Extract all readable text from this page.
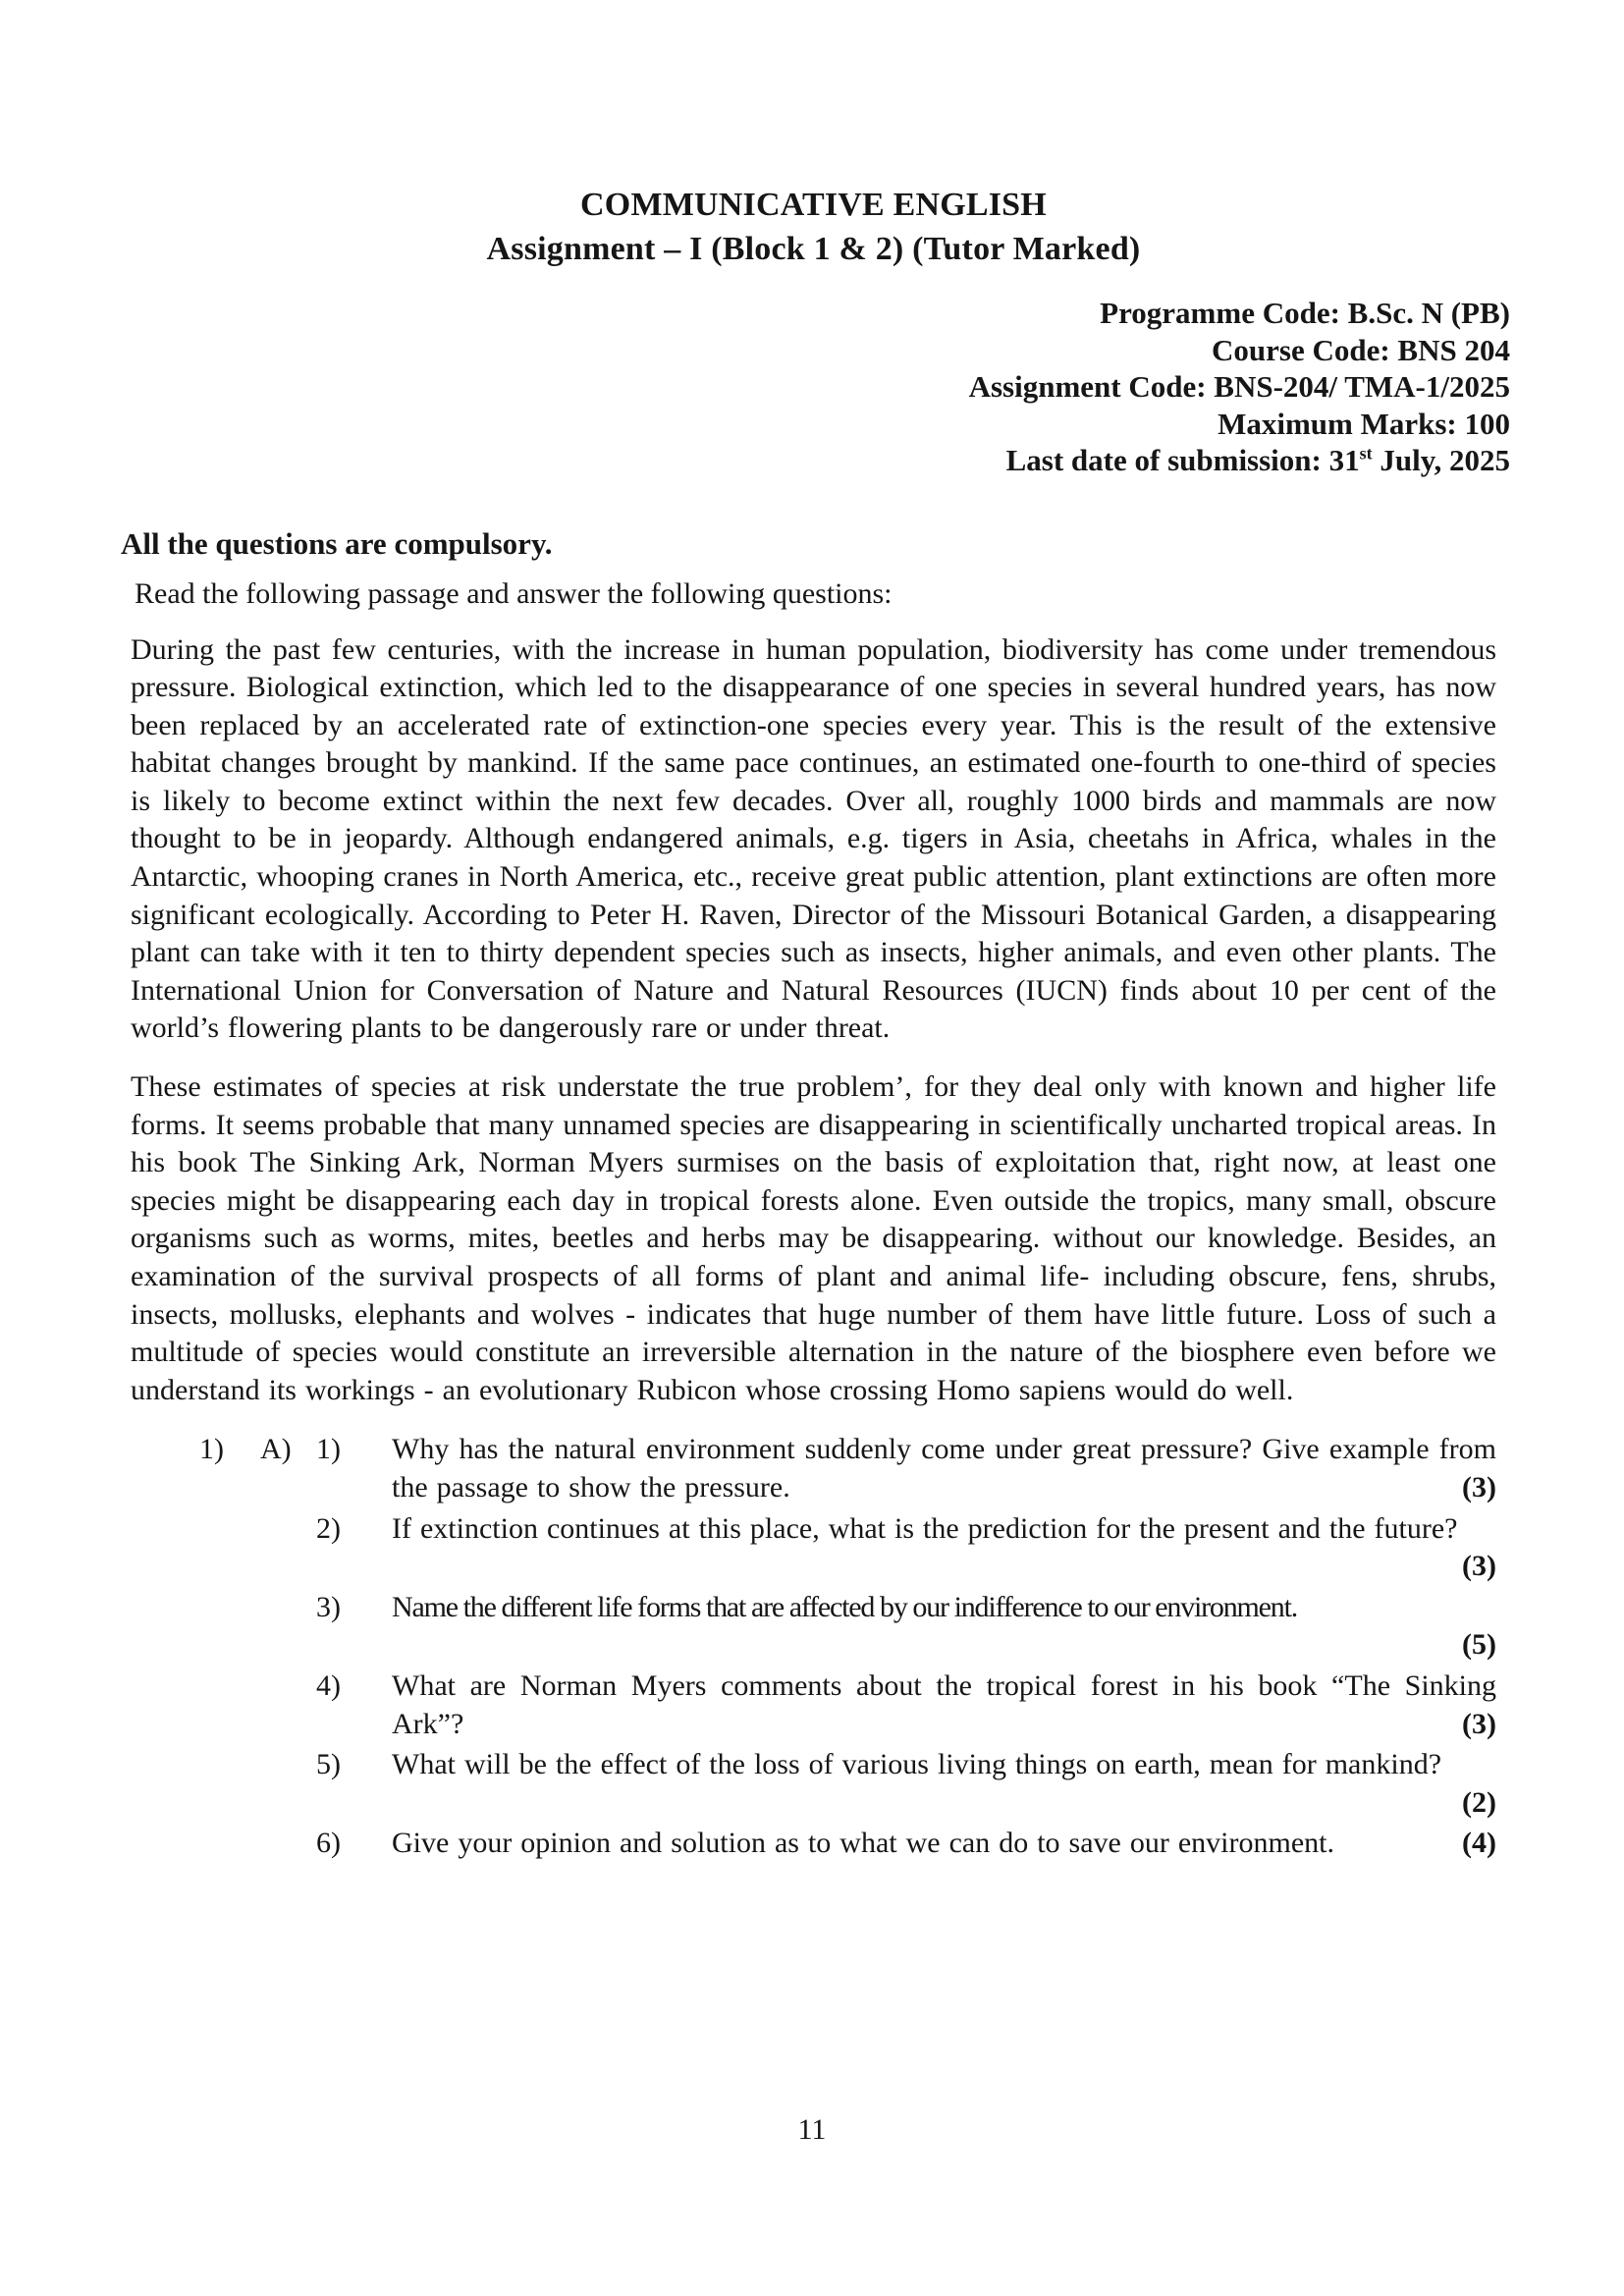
COMMUNICATIVE ENGLISH
Assignment – I (Block 1 & 2) (Tutor Marked)
Programme Code: B.Sc. N (PB)
Course Code: BNS 204
Assignment Code: BNS-204/ TMA-1/2025
Maximum Marks: 100
Last date of submission: 31st July, 2025
All the questions are compulsory.
Read the following passage and answer the following questions:

During the past few centuries, with the increase in human population, biodiversity has come under tremendous pressure. Biological extinction, which led to the disappearance of one species in several hundred years, has now been replaced by an accelerated rate of extinction-one species every year. This is the result of the extensive habitat changes brought by mankind. If the same pace continues, an estimated one-fourth to one-third of species is likely to become extinct within the next few decades. Over all, roughly 1000 birds and mammals are now thought to be in jeopardy. Although endangered animals, e.g. tigers in Asia, cheetahs in Africa, whales in the Antarctic, whooping cranes in North America, etc., receive great public attention, plant extinctions are often more significant ecologically. According to Peter H. Raven, Director of the Missouri Botanical Garden, a disappearing plant can take with it ten to thirty dependent species such as insects, higher animals, and even other plants. The International Union for Conversation of Nature and Natural Resources (IUCN) finds about 10 per cent of the world’s flowering plants to be dangerously rare or under threat.

These estimates of species at risk understate the true problem’, for they deal only with known and higher life forms. It seems probable that many unnamed species are disappearing in scientifically uncharted tropical areas. In his book The Sinking Ark, Norman Myers surmises on the basis of exploitation that, right now, at least one species might be disappearing each day in tropical forests alone. Even outside the tropics, many small, obscure organisms such as worms, mites, beetles and herbs may be disappearing. without our knowledge. Besides, an examination of the survival prospects of all forms of plant and animal life- including obscure, fens, shrubs, insects, mollusks, elephants and wolves - indicates that huge number of them have little future. Loss of such a multitude of species would constitute an irreversible alternation in the nature of the biosphere even before we understand its workings - an evolutionary Rubicon whose crossing Homo sapiens would do well.

1)	A) 1)	Why has the natural environment suddenly come under great pressure? Give example from the passage to show the pressure.	(3)
2)	If extinction continues at this place, what is the prediction for the present and the future?
(3)
3)	Name the different life forms that are affected by our indifference to our environment.
(5)
4)	What are Norman Myers comments about the tropical forest in his book “The Sinking Ark”?	(3)
5)	What will be the effect of the loss of various living things on earth, mean for mankind?
(2)
6)	Give your opinion and solution as to what we can do to save our environment.	(4)
11
